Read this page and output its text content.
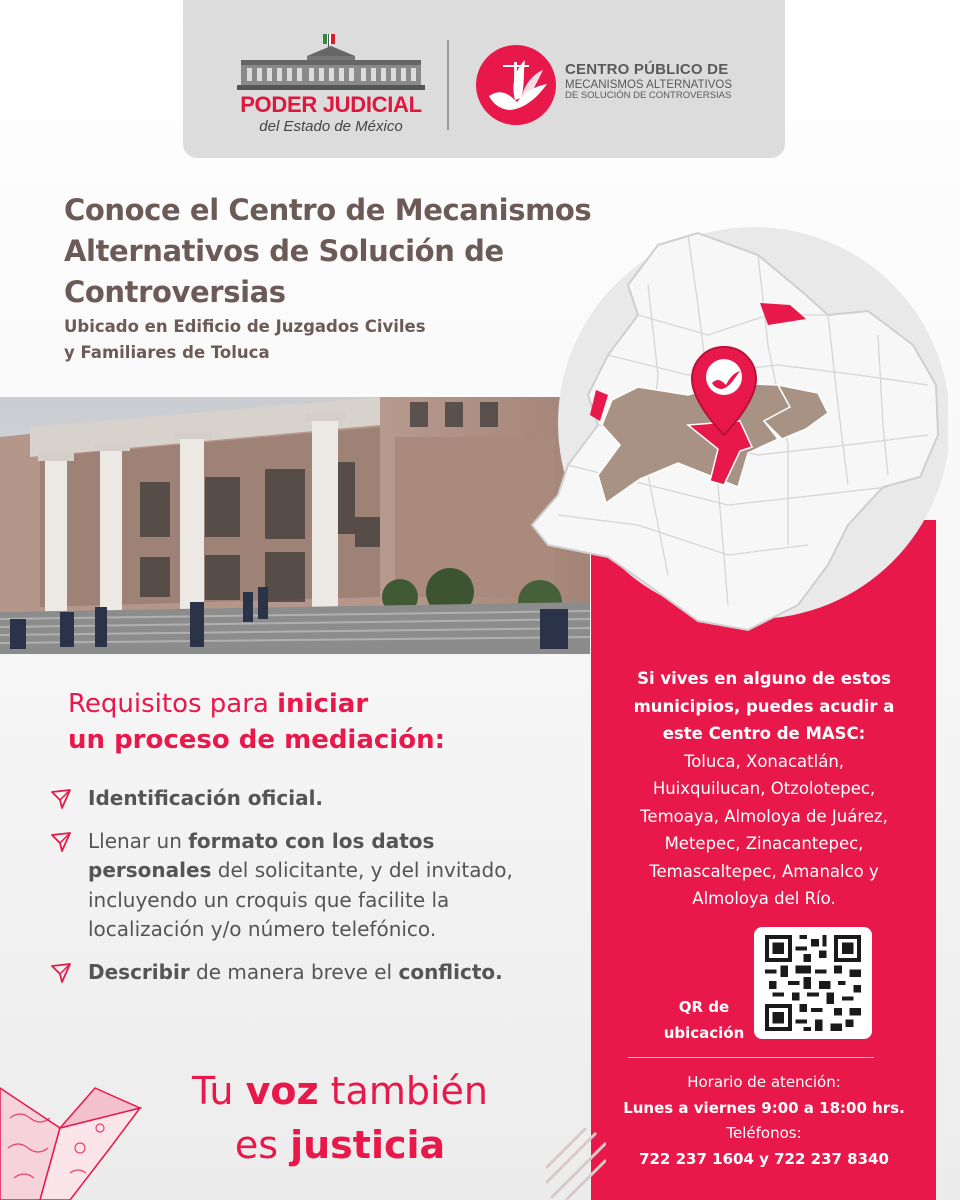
PODER JUDICIAL
del Estado de México
CENTRO PÚBLICO DE
MECANISMOS ALTERNATIVOS
DE SOLUCIÓN DE CONTROVERSIAS
Conoce el Centro de Mecanismos
Alternativos de Solución de
Controversias
Ubicado en Edificio de Juzgados Civiles
y Familiares de Toluca
Si vives en alguno de estos
municipios, puedes acudir a
este Centro de MASC:
Toluca, Xonacatlán,
Huixquilucan, Otzolotepec,
Temoaya, Almoloya de Juárez,
Metepec, Zinacantepec,
Temascaltepec, Amanalco y
Almoloya del Río.
QR de
ubicación
Horario de atención:
Lunes a viernes 9:00 a 18:00 hrs.
Teléfonos:
722 237 1604 y 722 237 8340
Requisitos para iniciar
un proceso de mediación:
Identificación oficial.
Llenar un formato con los datos personales del solicitante, y del invitado, incluyendo un croquis que facilite la localización y/o número telefónico.
Describir de manera breve el conflicto.
Tu voz también
es justicia
